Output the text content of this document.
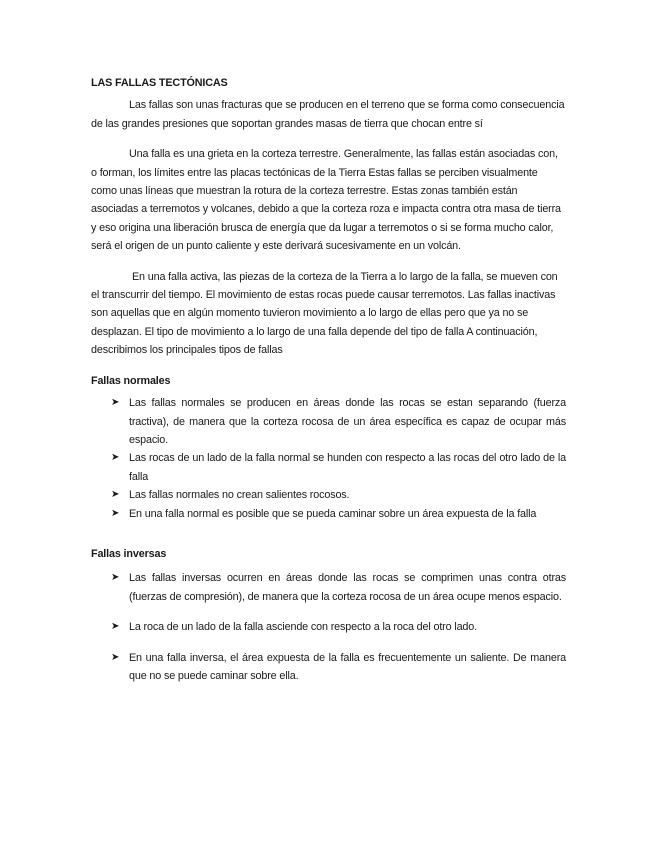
LAS FALLAS TECTÓNICAS

Las fallas son unas fracturas que se producen en el terreno que se forma como consecuencia de las grandes presiones que soportan grandes masas de tierra que chocan entre sí

Una falla es una grieta en la corteza terrestre. Generalmente, las fallas están asociadas con, o forman, los límites entre las placas tectónicas de la Tierra Estas fallas se perciben visualmente como unas líneas que muestran la rotura de la corteza terrestre. Estas zonas también están asociadas a terremotos y volcanes, debido a que la corteza roza e impacta contra otra masa de tierra y eso origina una liberación brusca de energía que da lugar a terremotos o si se forma mucho calor, será el origen de un punto caliente y este derivará sucesivamente en un volcán.

En una falla activa, las piezas de la corteza de la Tierra a lo largo de la falla, se mueven con el transcurrir del tiempo. El movimiento de estas rocas puede causar terremotos. Las fallas inactivas son aquellas que en algún momento tuvieron movimiento a lo largo de ellas pero que ya no se desplazan. El tipo de movimiento a lo largo de una falla depende del tipo de falla A continuación, describimos los principales tipos de fallas

Fallas normales
➤ Las fallas normales se producen en áreas donde las rocas se estan separando (fuerza tractiva), de manera que la corteza rocosa de un área específica es capaz de ocupar más espacio.
➤ Las rocas de un lado de la falla normal se hunden con respecto a las rocas del otro lado de la falla
➤ Las fallas normales no crean salientes rocosos.
➤ En una falla normal es posible que se pueda caminar sobre un área expuesta de la falla
Fallas inversas
➤ Las fallas inversas ocurren en áreas donde las rocas se comprimen unas contra otras (fuerzas de compresión), de manera que la corteza rocosa de un área ocupe menos espacio.
➤ La roca de un lado de la falla asciende con respecto a la roca del otro lado.
➤ En una falla inversa, el área expuesta de la falla es frecuentemente un saliente. De manera que no se puede caminar sobre ella.
